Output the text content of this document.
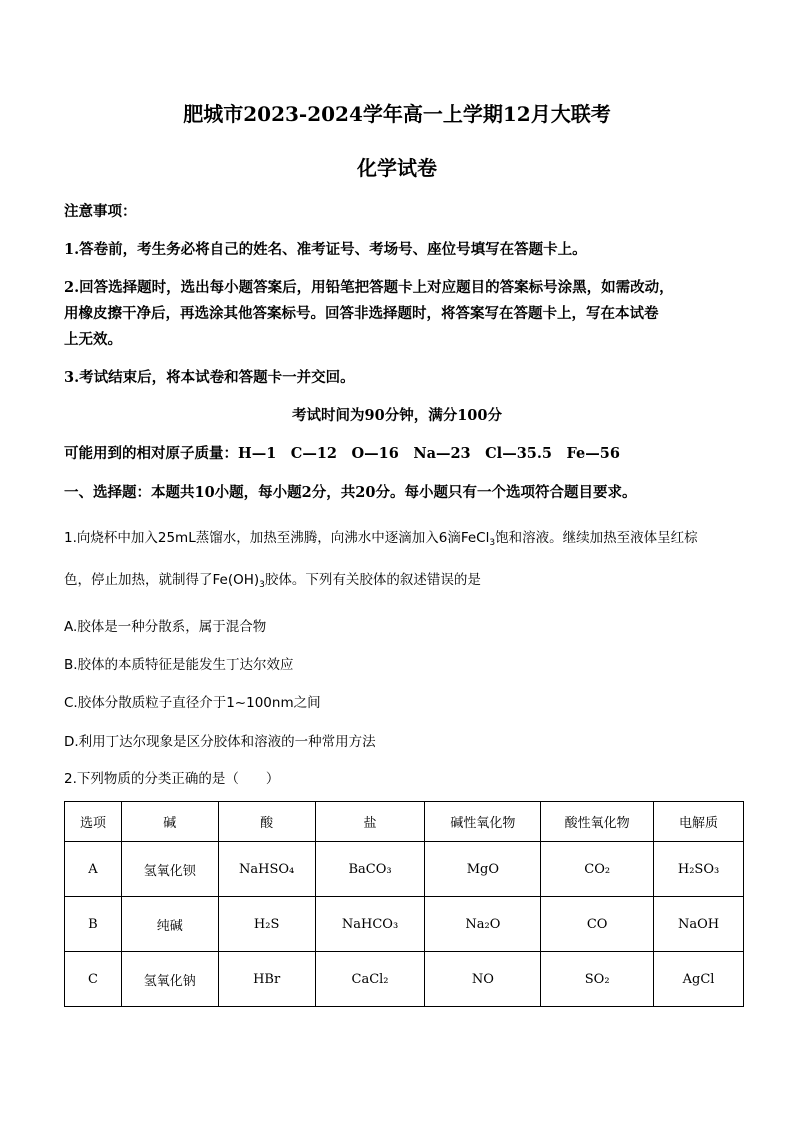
肥城市2023-2024学年高一上学期12月大联考

化学试卷

注意事项：

1.答卷前，考生务必将自己的姓名、准考证号、考场号、座位号填写在答题卡上。

2.回答选择题时，选出每小题答案后，用铅笔把答题卡上对应题目的答案标号涂黑，如需改动，

用橡皮擦干净后，再选涂其他答案标号。回答非选择题时，将答案写在答题卡上，写在本试卷

上无效。

3.考试结束后，将本试卷和答题卡一并交回。

考试时间为90分钟，满分100分

可能用到的相对原子质量：H—1　C—12　O—16　Na—23　Cl—35.5　Fe—56

一、选择题：本题共10小题，每小题2分，共20分。每小题只有一个选项符合题目要求。

1.向烧杯中加入25mL蒸馏水，加热至沸腾，向沸水中逐滴加入6滴FeCl$_3$饱和溶液。继续加热至液体呈红棕

色，停止加热，就制得了$Fe(OH)_3$胶体。下列有关胶体的叙述错误的是

A.胶体是一种分散系，属于混合物

B.胶体的本质特征是能发生丁达尔效应

C.胶体分散质粒子直径介于1~100nm之间

D.利用丁达尔现象是区分胶体和溶液的一种常用方法

2.下列物质的分类正确的是（　　）

选项	碱	酸	盐	碱性氧化物	酸性氧化物	电解质
A	氢氧化钡	NaHSO₄	BaCO₃	MgO	CO₂	H₂SO₃
B	纯碱	H₂S	NaHCO₃	Na₂O	CO	NaOH
C	氢氧化钠	HBr	CaCl₂	NO	SO₂	AgCl
